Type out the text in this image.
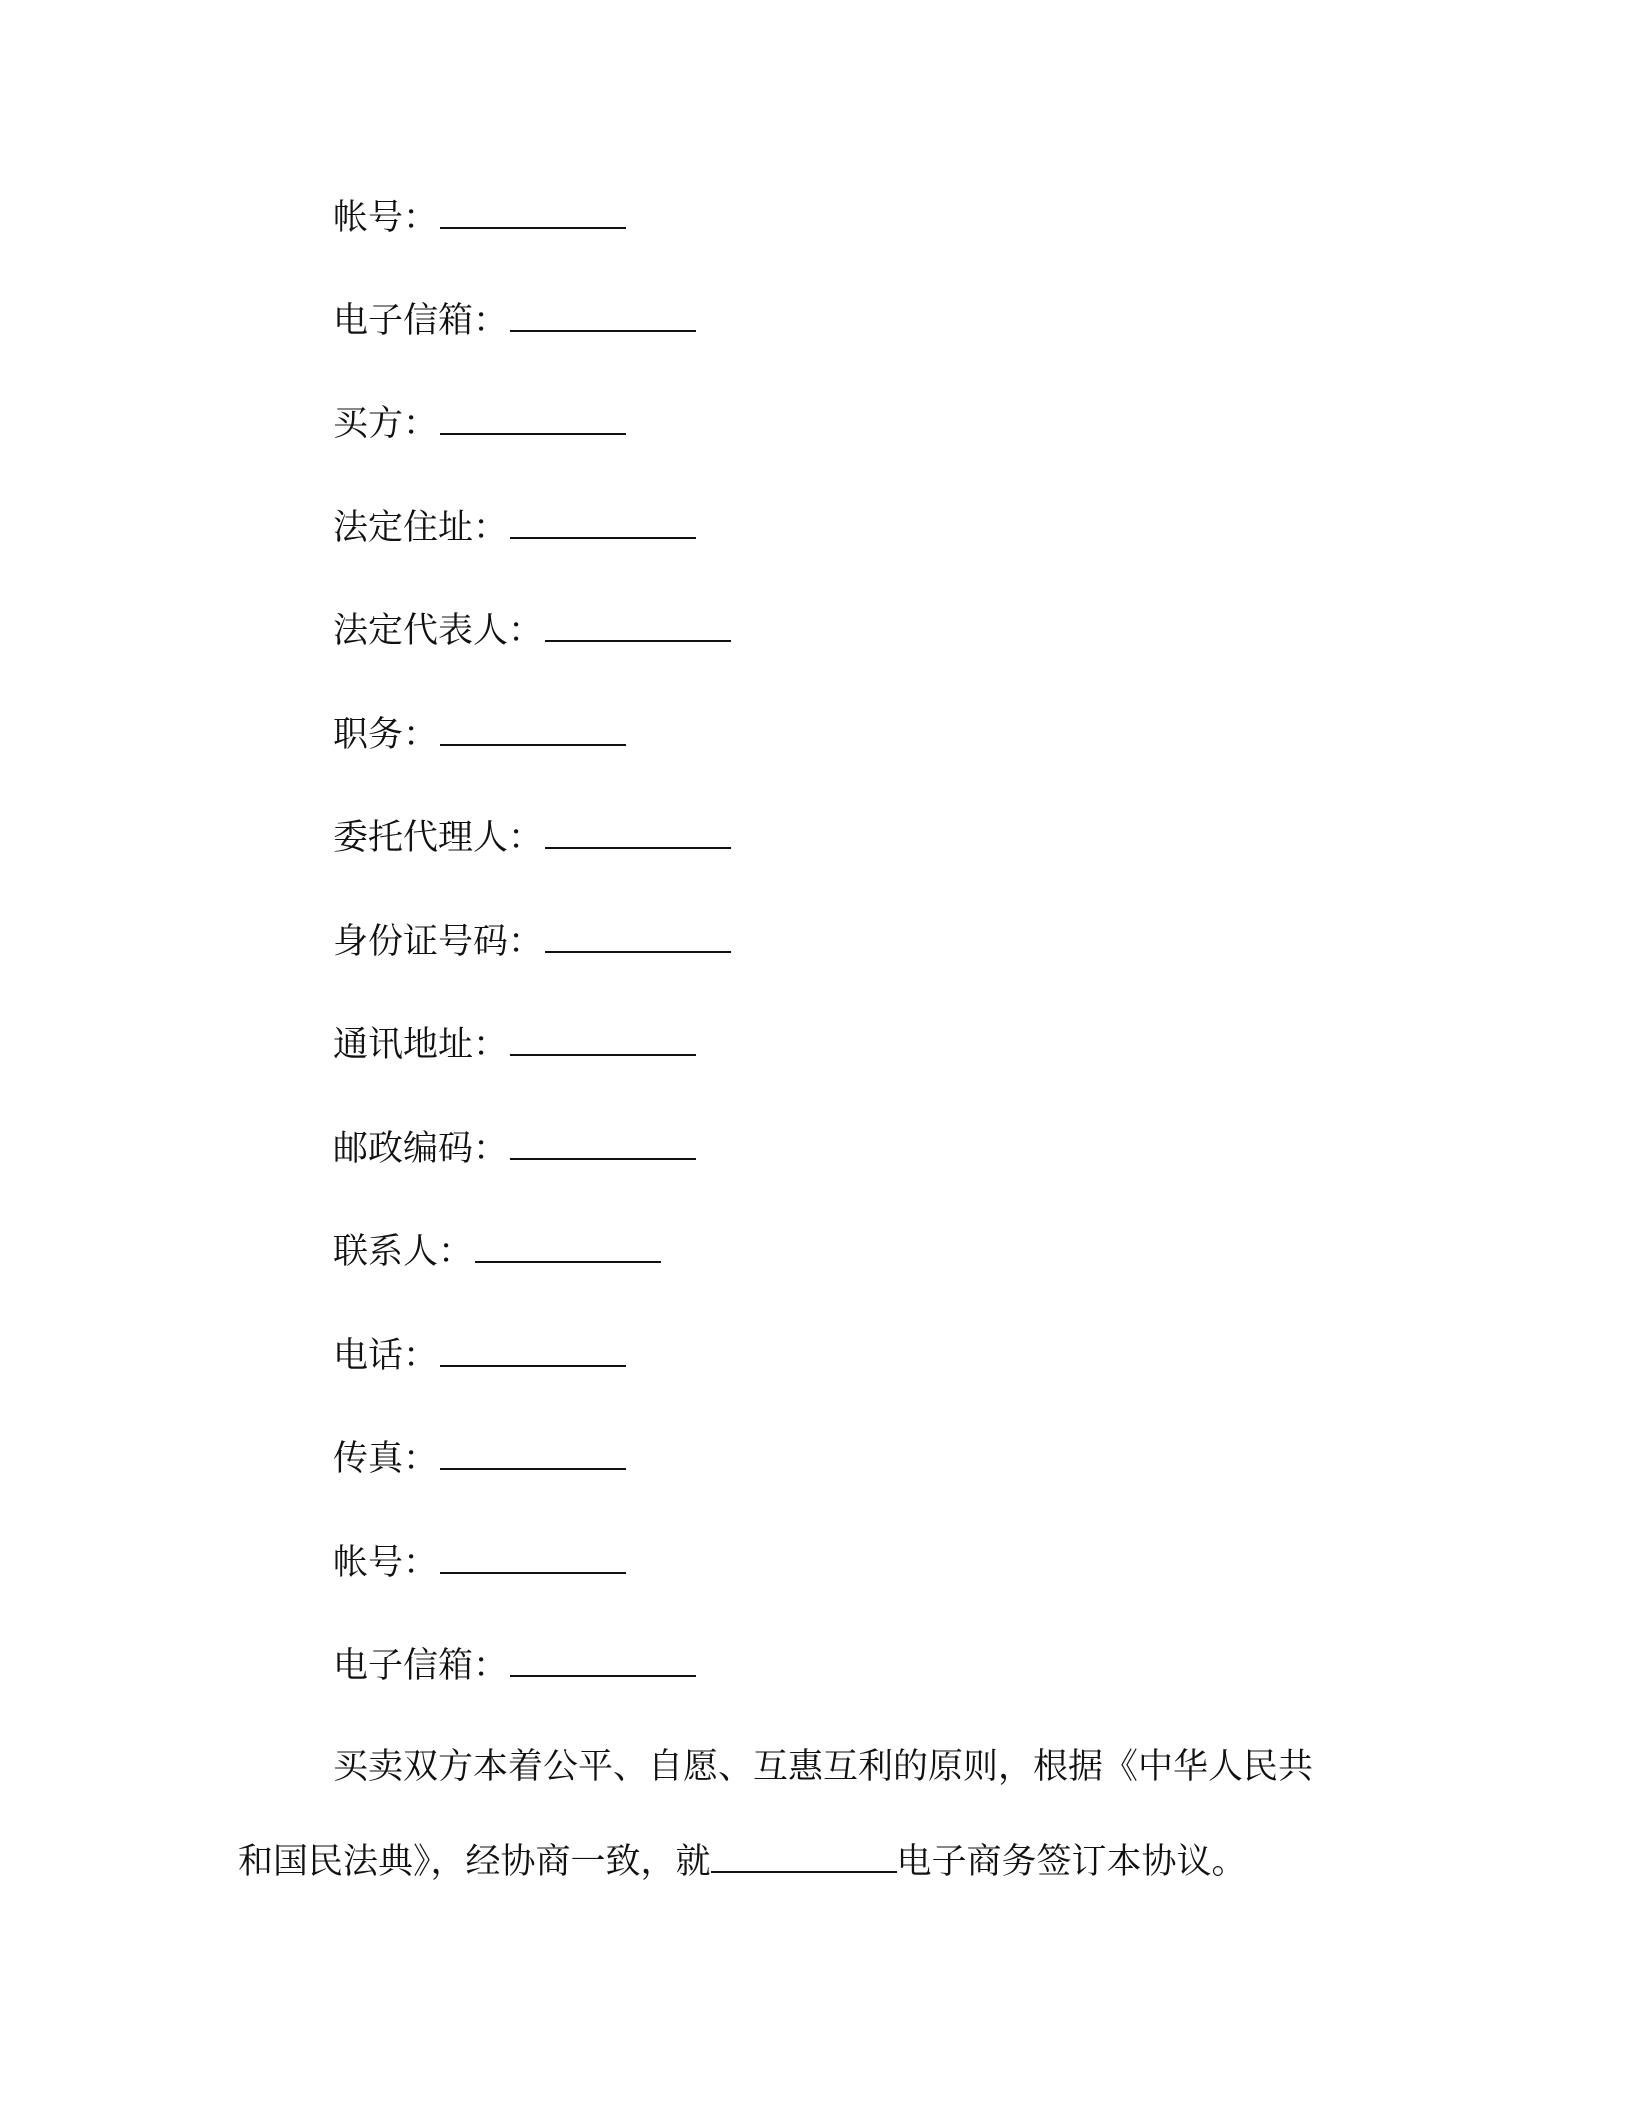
帐号：
电子信箱：
买方：
法定住址：
法定代表人：
职务：
委托代理人：
身份证号码：
通讯地址：
邮政编码：
联系人：
电话：
传真：
帐号：
电子信箱：
买卖双方本着公平、自愿、互惠互利的原则，根据《中华人民共
和国民法典》，经协商一致，就	电子商务签订本协议。
